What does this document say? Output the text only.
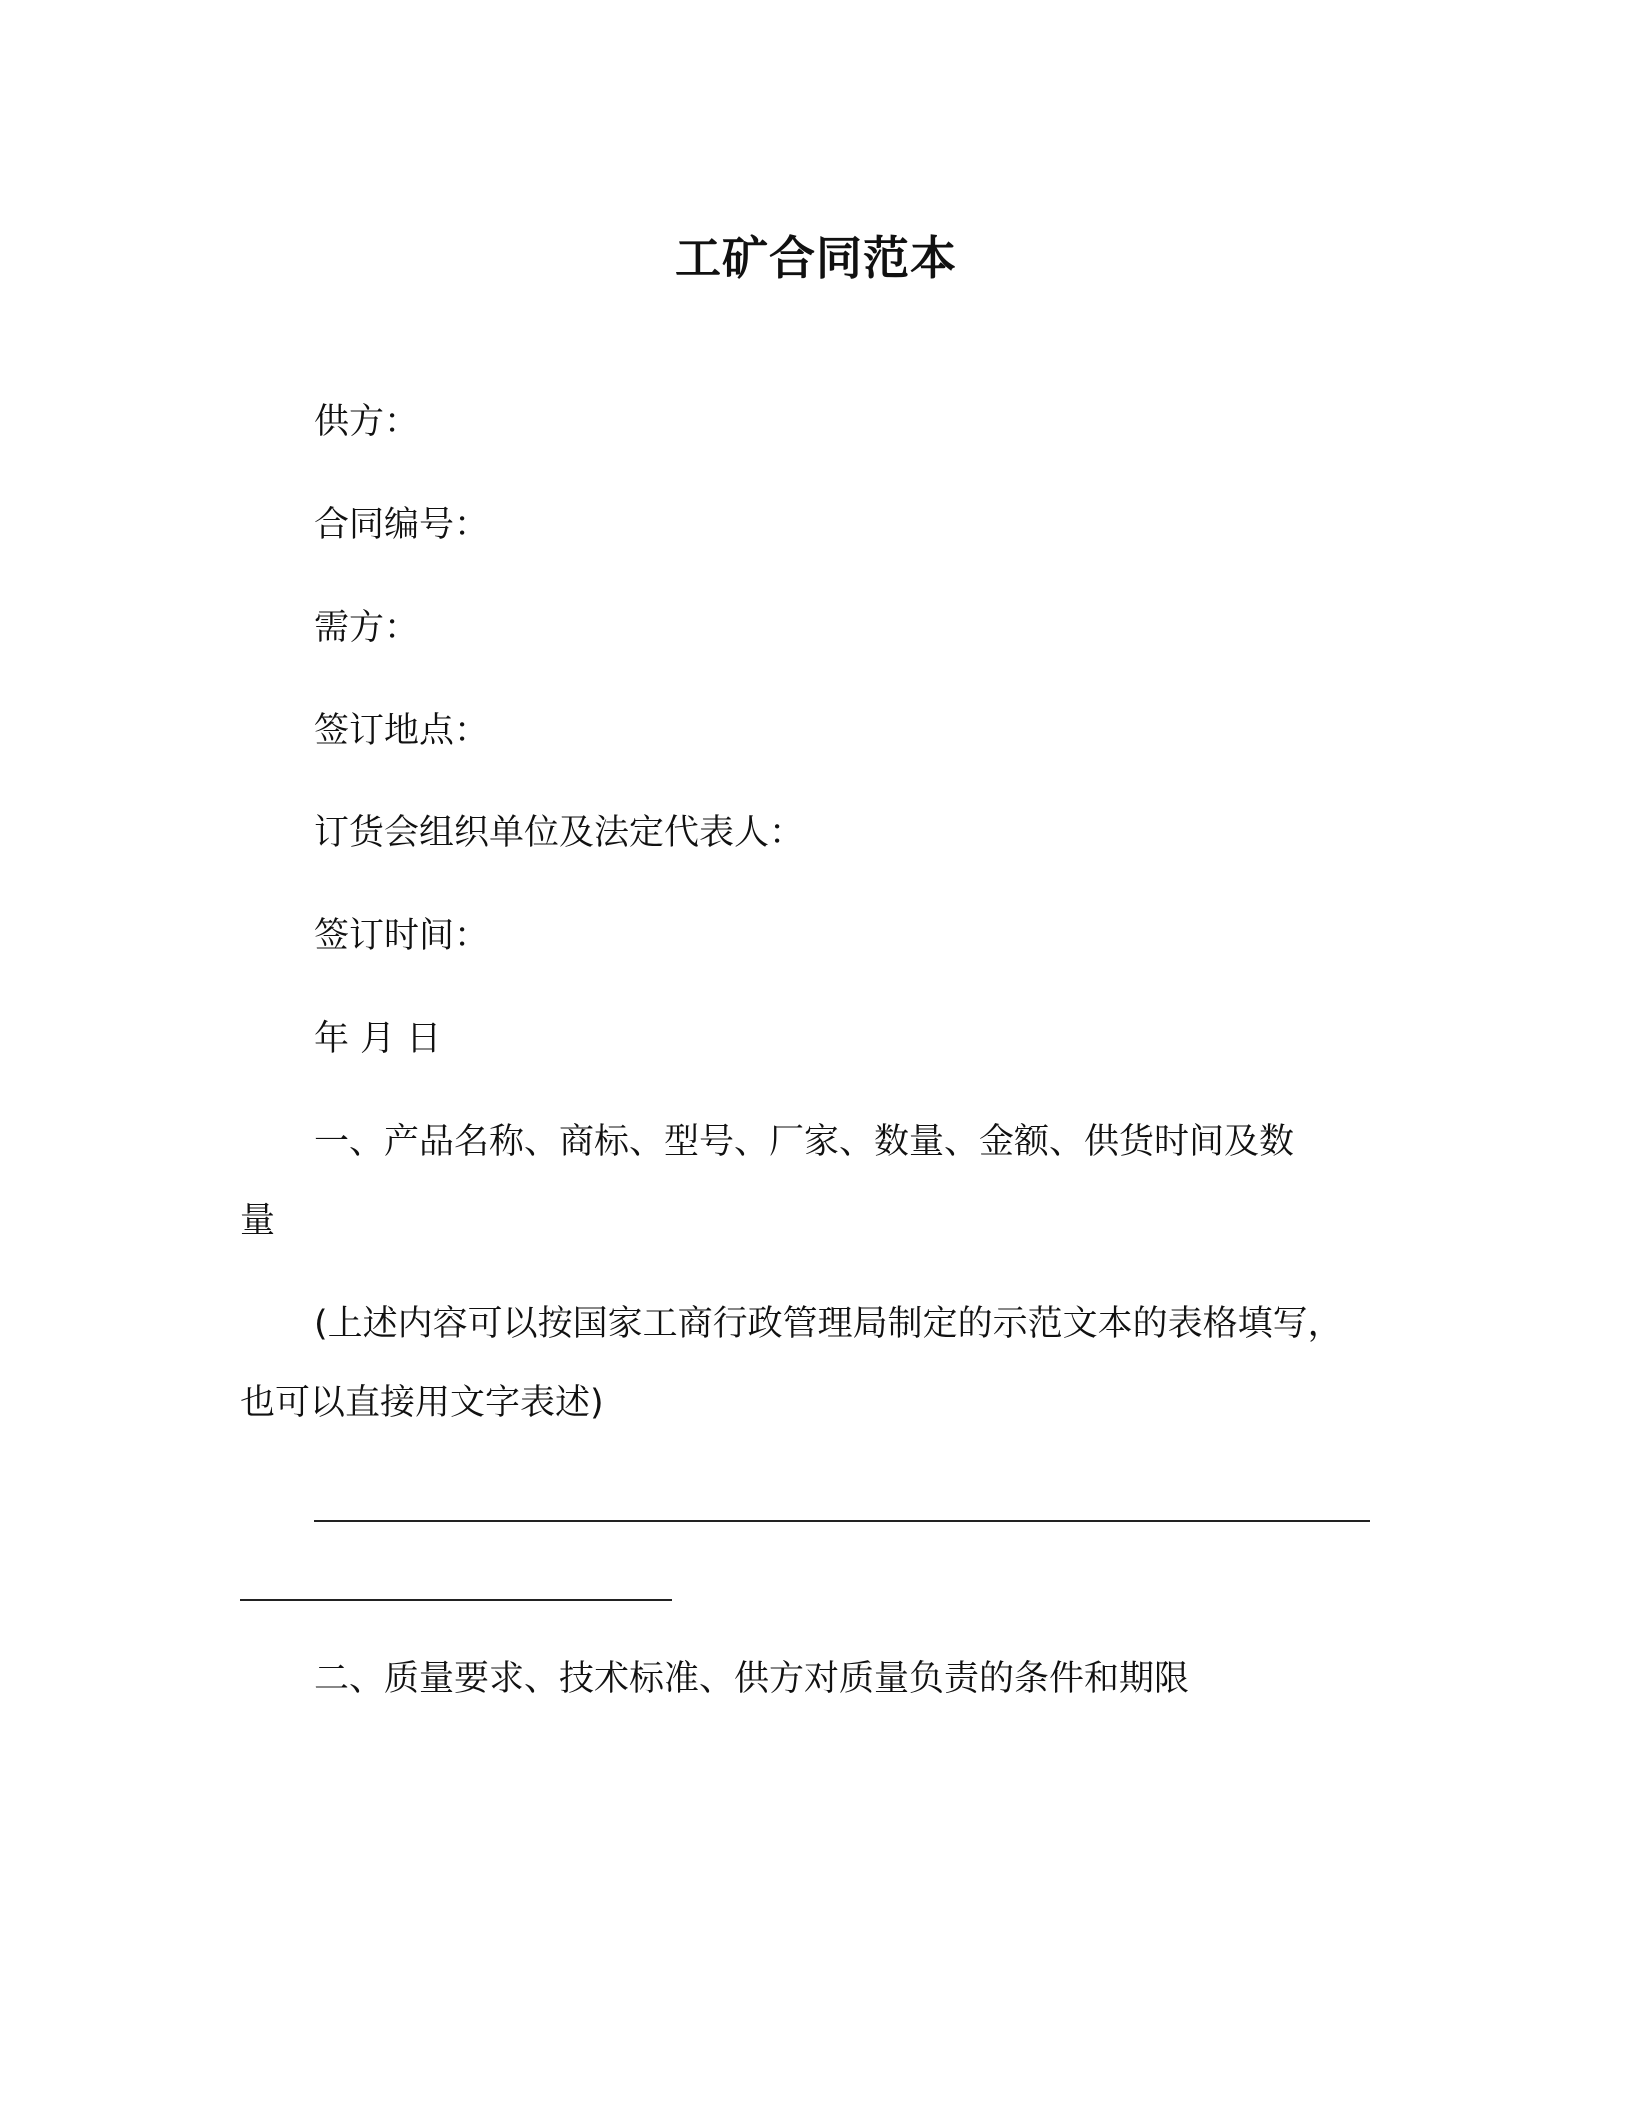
工矿合同范本
供方：
合同编号：
需方：
签订地点：
订货会组织单位及法定代表人：
签订时间：
年 月 日
一、产品名称、商标、型号、厂家、数量、金额、供货时间及数
量
(上述内容可以按国家工商行政管理局制定的示范文本的表格填写，
也可以直接用文字表述)
二、质量要求、技术标准、供方对质量负责的条件和期限
